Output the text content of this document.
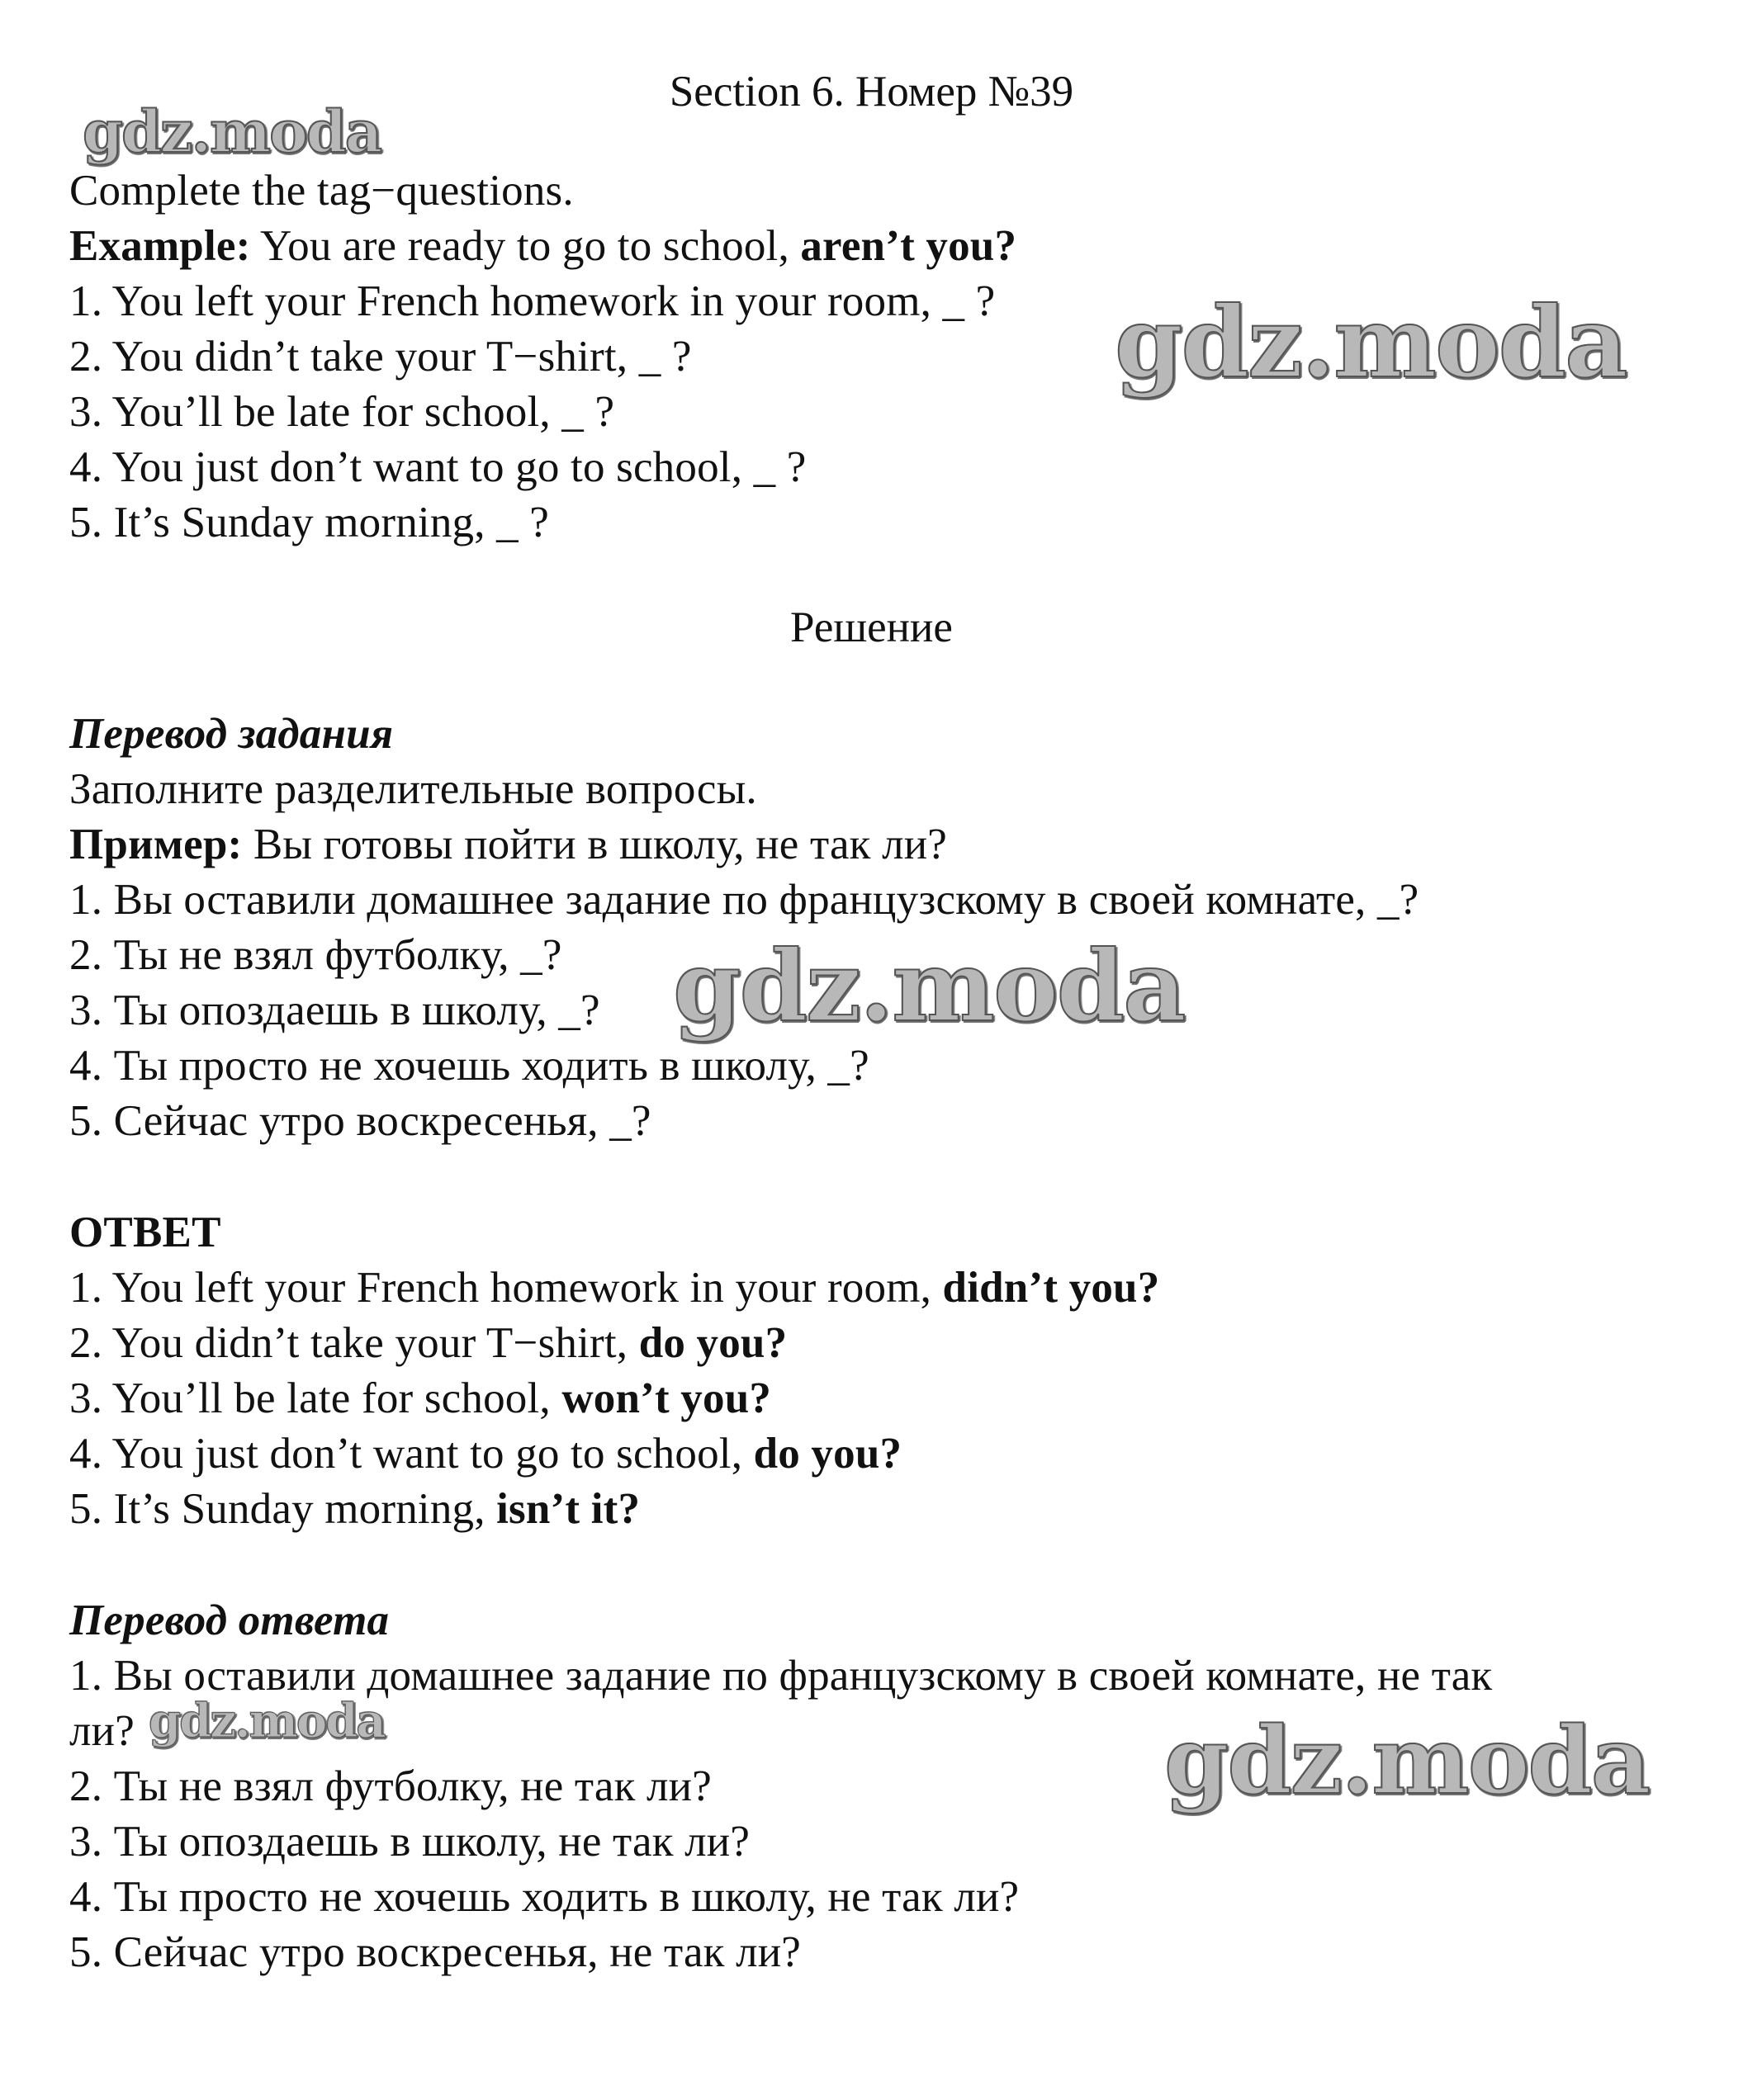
Section 6. Номер №39
gdz.moda
Complete the tag−questions.
Example: You are ready to go to school, aren’t you?
1. You left your French homework in your room, _ ?
2. You didn’t take your T−shirt, _ ?
3. You’ll be late for school, _ ?
4. You just don’t want to go to school, _ ?
5. It’s Sunday morning, _ ?
gdz.moda
Решение
Перевод задания
Заполните разделительные вопросы.
Пример: Вы готовы пойти в школу, не так ли?
1. Вы оставили домашнее задание по французскому в своей комнате, _?
2. Ты не взял футболку, _?
3. Ты опоздаешь в школу, _?
4. Ты просто не хочешь ходить в школу, _?
5. Сейчас утро воскресенья, _?
gdz.moda
ОТВЕТ
1. You left your French homework in your room, didn’t you?
2. You didn’t take your T−shirt, do you?
3. You’ll be late for school, won’t you?
4. You just don’t want to go to school, do you?
5. It’s Sunday morning, isn’t it?
Перевод ответа
1. Вы оставили домашнее задание по французскому в своей комнате, не так
ли?
2. Ты не взял футболку, не так ли?
3. Ты опоздаешь в школу, не так ли?
4. Ты просто не хочешь ходить в школу, не так ли?
5. Сейчас утро воскресенья, не так ли?
gdz.moda	gdz.moda
